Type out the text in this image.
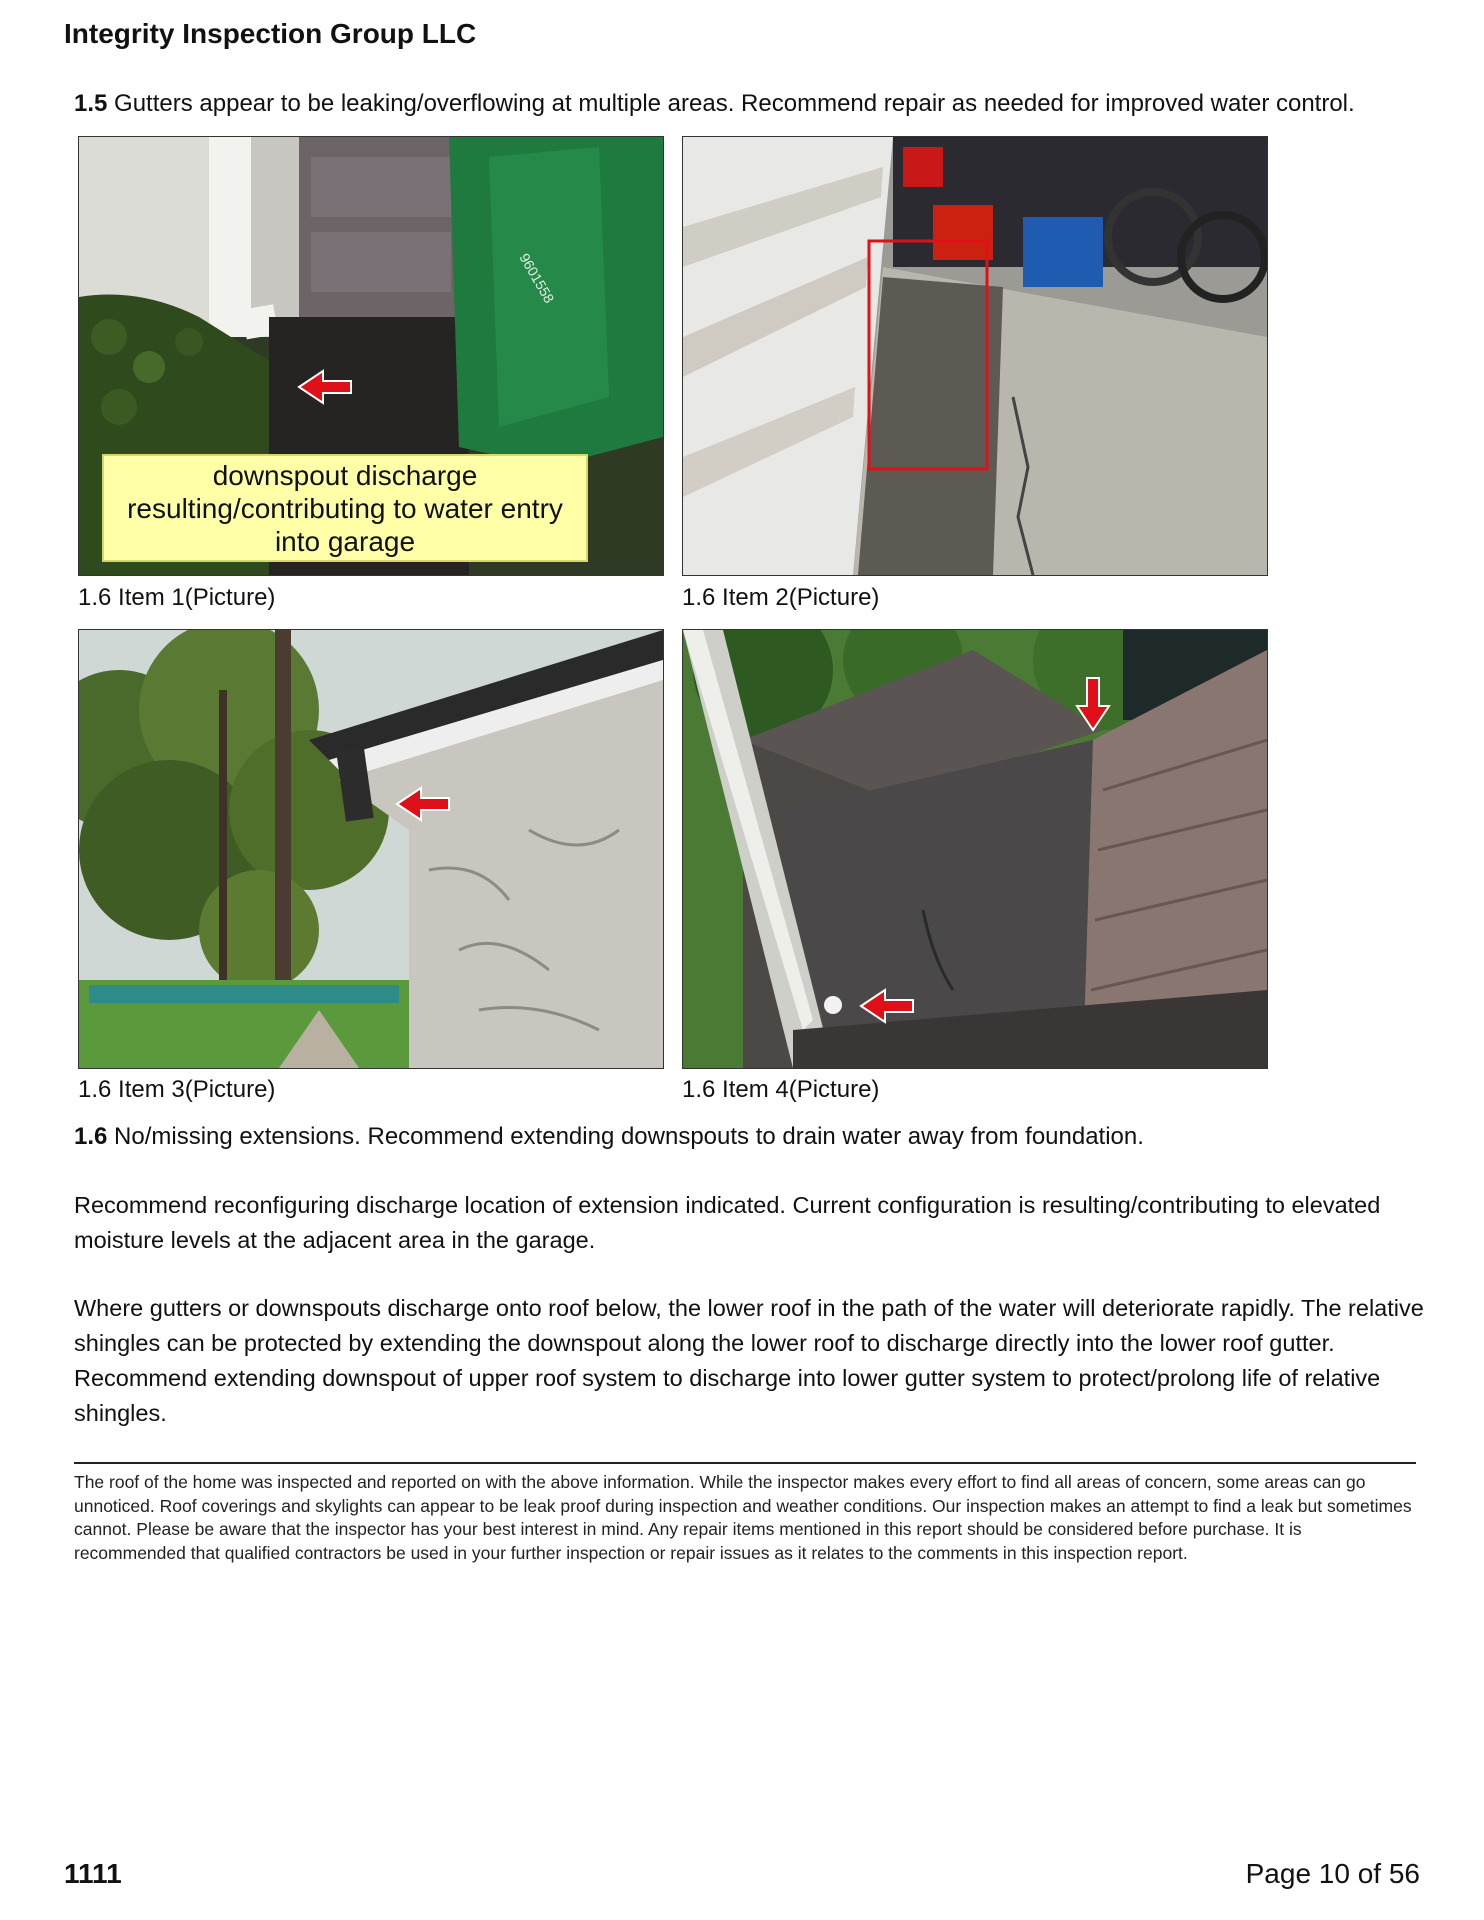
Integrity Inspection Group LLC
1.5 Gutters appear to be leaking/overflowing at multiple areas. Recommend repair as needed for improved water control.
9601558
downspout discharge resulting/contributing to water entry into garage
1.6 Item 1(Picture)	1.6 Item 2(Picture)
1.6 Item 3(Picture)	1.6 Item 4(Picture)
1.6 No/missing extensions. Recommend extending downspouts to drain water away from foundation.
Recommend reconfiguring discharge location of extension indicated. Current configuration is resulting/contributing to elevated moisture levels at the adjacent area in the garage.
Where gutters or downspouts discharge onto roof below, the lower roof in the path of the water will deteriorate rapidly. The relative shingles can be protected by extending the downspout along the lower roof to discharge directly into the lower roof gutter. Recommend extending downspout of upper roof system to discharge into lower gutter system to protect/prolong life of relative shingles.
The roof of the home was inspected and reported on with the above information. While the inspector makes every effort to find all areas of concern, some areas can go unnoticed. Roof coverings and skylights can appear to be leak proof during inspection and weather conditions. Our inspection makes an attempt to find a leak but sometimes cannot. Please be aware that the inspector has your best interest in mind. Any repair items mentioned in this report should be considered before purchase. It is recommended that qualified contractors be used in your further inspection or repair issues as it relates to the comments in this inspection report.
1111	Page 10 of 56
